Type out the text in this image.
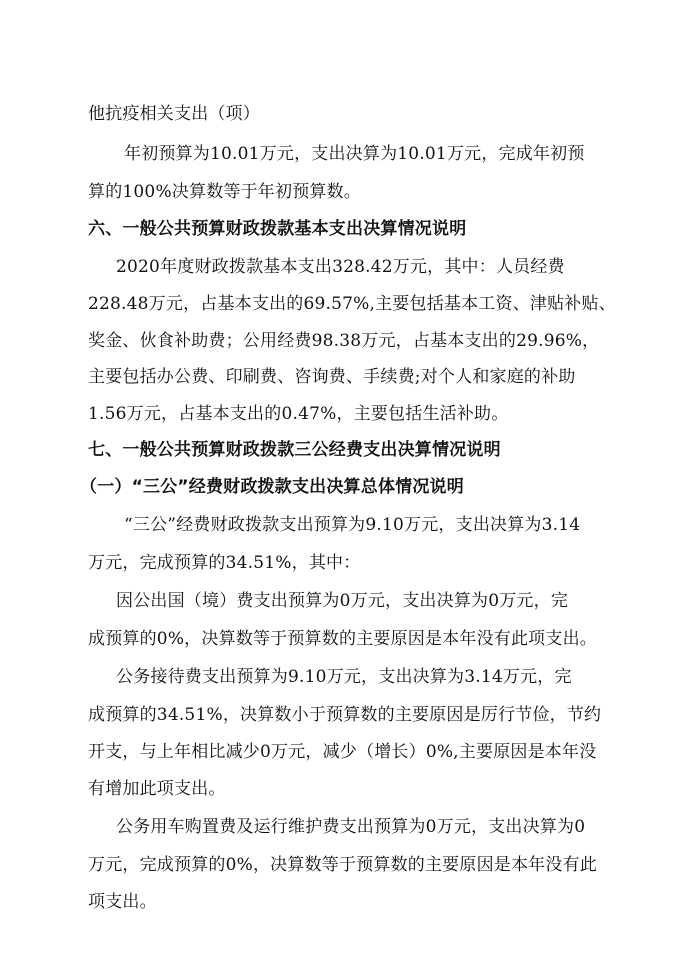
他抗疫相关支出（项）
年初预算为10.01万元，支出决算为10.01万元，完成年初预
算的100%决算数等于年初预算数。
六、一般公共预算财政拨款基本支出决算情况说明
2020年度财政拨款基本支出328.42万元，其中：人员经费
228.48万元，占基本支出的69.57%,主要包括基本工资、津贴补贴、
奖金、伙食补助费；公用经费98.38万元，占基本支出的29.96%，
主要包括办公费、印刷费、咨询费、手续费;对个人和家庭的补助
1.56万元，占基本支出的0.47%，主要包括生活补助。
七、一般公共预算财政拨款三公经费支出决算情况说明
（一）“三公”经费财政拨款支出决算总体情况说明
“三公”经费财政拨款支出预算为9.10万元，支出决算为3.14
万元，完成预算的34.51%，其中：
因公出国（境）费支出预算为0万元，支出决算为0万元，完
成预算的0%，决算数等于预算数的主要原因是本年没有此项支出。
公务接待费支出预算为9.10万元，支出决算为3.14万元，完
成预算的34.51%，决算数小于预算数的主要原因是厉行节俭，节约
开支，与上年相比减少0万元，减少（增长）0%,主要原因是本年没
有增加此项支出。
公务用车购置费及运行维护费支出预算为0万元，支出决算为0
万元，完成预算的0%，决算数等于预算数的主要原因是本年没有此
项支出。
